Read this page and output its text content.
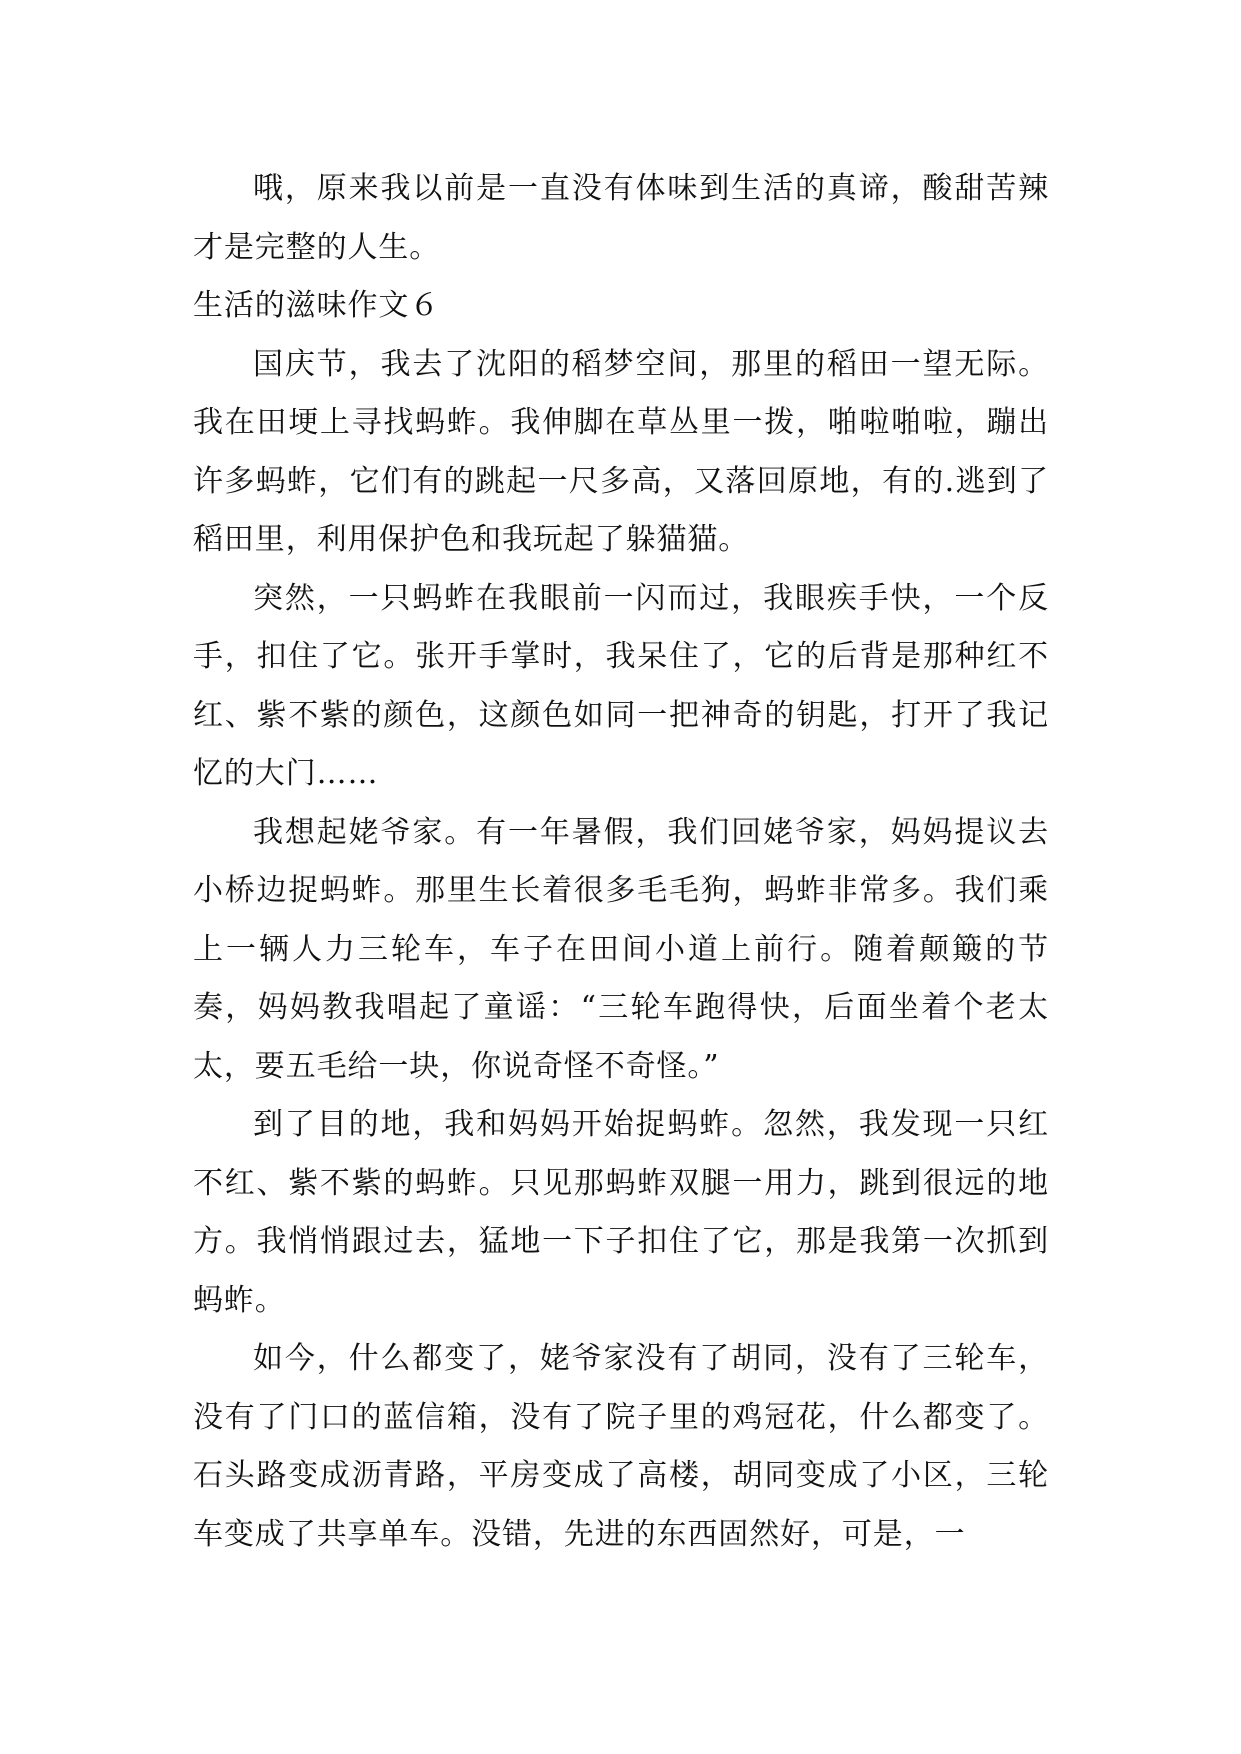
哦，原来我以前是一直没有体味到生活的真谛，酸甜苦辣才是完整的人生。

生活的滋味作文６

国庆节，我去了沈阳的稻梦空间，那里的稻田一望无际。我在田埂上寻找蚂蚱。我伸脚在草丛里一拨，啪啦啪啦，蹦出许多蚂蚱，它们有的跳起一尺多高，又落回原地，有的.逃到了稻田里，利用保护色和我玩起了躲猫猫。

突然，一只蚂蚱在我眼前一闪而过，我眼疾手快，一个反手，扣住了它。张开手掌时，我呆住了，它的后背是那种红不红、紫不紫的颜色，这颜色如同一把神奇的钥匙，打开了我记忆的大门……

我想起姥爷家。有一年暑假，我们回姥爷家，妈妈提议去小桥边捉蚂蚱。那里生长着很多毛毛狗，蚂蚱非常多。我们乘上一辆人力三轮车，车子在田间小道上前行。随着颠簸的节奏，妈妈教我唱起了童谣：“三轮车跑得快，后面坐着个老太太，要五毛给一块，你说奇怪不奇怪。”

到了目的地，我和妈妈开始捉蚂蚱。忽然，我发现一只红不红、紫不紫的蚂蚱。只见那蚂蚱双腿一用力，跳到很远的地方。我悄悄跟过去，猛地一下子扣住了它，那是我第一次抓到蚂蚱。

如今，什么都变了，姥爷家没有了胡同，没有了三轮车，没有了门口的蓝信箱，没有了院子里的鸡冠花，什么都变了。石头路变成沥青路，平房变成了高楼，胡同变成了小区，三轮车变成了共享单车。没错，先进的东西固然好，可是，一
